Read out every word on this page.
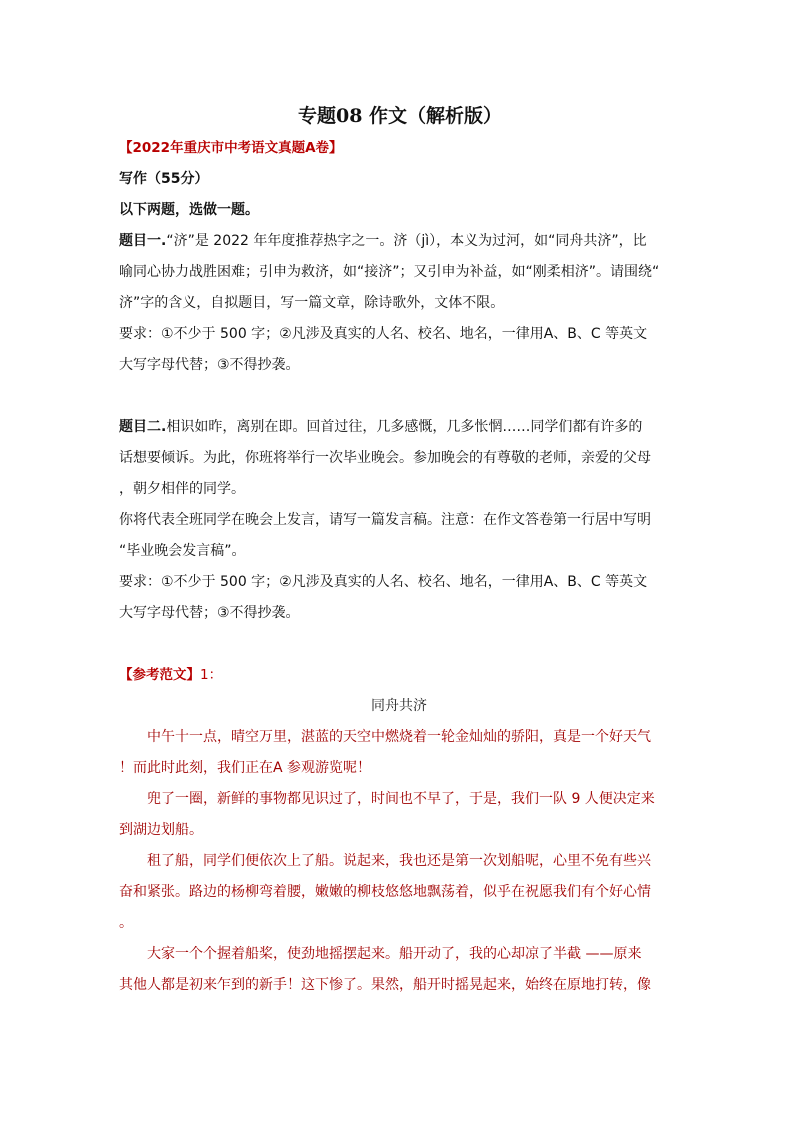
专题08 作文（解析版）
【2022年重庆市中考语文真题A卷】
写作（55分）
以下两题，选做一题。
题目一.“济”是 2022 年年度推荐热字之一。济（jì），本义为过河，如“同舟共济”，比
喻同心协力战胜困难；引申为救济，如“接济”；又引申为补益，如“刚柔相济”。请围绕“
济”字的含义，自拟题目，写一篇文章，除诗歌外，文体不限。
要求：①不少于 500 字；②凡涉及真实的人名、校名、地名，一律用A、B、C 等英文
大写字母代替；③不得抄袭。
题目二.相识如昨，离别在即。回首过往，几多感慨，几多怅惘……同学们都有许多的
话想要倾诉。为此，你班将举行一次毕业晚会。参加晚会的有尊敬的老师，亲爱的父母
，朝夕相伴的同学。
你将代表全班同学在晚会上发言，请写一篇发言稿。注意：在作文答卷第一行居中写明
“毕业晚会发言稿”。
要求：①不少于 500 字；②凡涉及真实的人名、校名、地名，一律用A、B、C 等英文
大写字母代替；③不得抄袭。
【参考范文】1：
同舟共济
中午十一点，晴空万里，湛蓝的天空中燃烧着一轮金灿灿的骄阳，真是一个好天气
！而此时此刻，我们正在A 参观游览呢！
兜了一圈，新鲜的事物都见识过了，时间也不早了，于是，我们一队 9 人便决定来
到湖边划船。
租了船，同学们便依次上了船。说起来，我也还是第一次划船呢，心里不免有些兴
奋和紧张。路边的杨柳弯着腰，嫩嫩的柳枝悠悠地飘荡着，似乎在祝愿我们有个好心情
。
大家一个个握着船桨，使劲地摇摆起来。船开动了，我的心却凉了半截 ——原来
其他人都是初来乍到的新手！这下惨了。果然，船开时摇晃起来，始终在原地打转，像
